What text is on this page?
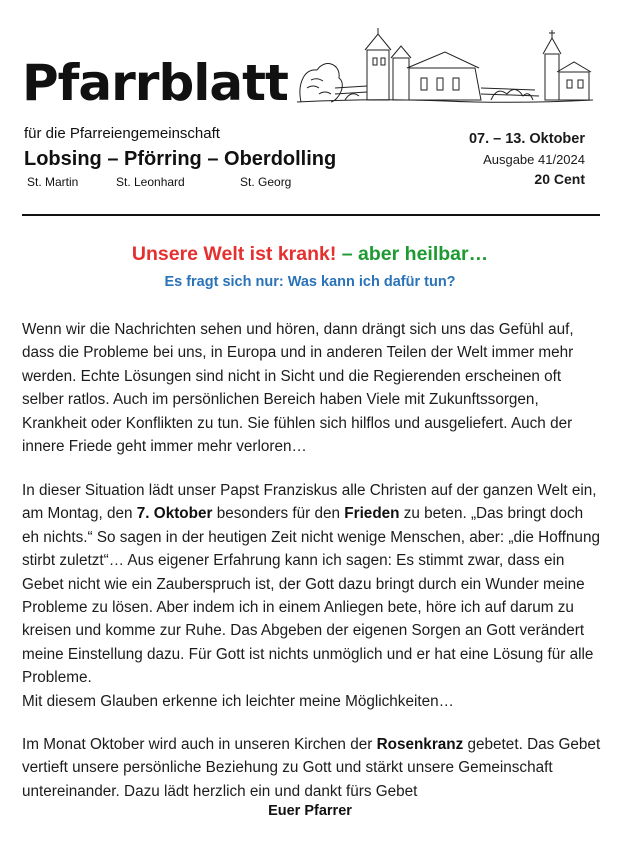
Pfarrblatt
für die Pfarreiengemeinschaft
Lobsing – Pförring – Oberdolling
St. Martin	St. Leonhard	St. Georg
07. – 13. Oktober
Ausgabe 41/2024
20 Cent
Unsere Welt ist krank! – aber heilbar…
Es fragt sich nur: Was kann ich dafür tun?

Wenn wir die Nachrichten sehen und hören, dann drängt sich uns das Gefühl auf, dass die Probleme bei uns, in Europa und in anderen Teilen der Welt immer mehr werden. Echte Lösungen sind nicht in Sicht und die Regierenden erscheinen oft selber ratlos. Auch im persönlichen Bereich haben Viele mit Zukunftssorgen, Krankheit oder Konflikten zu tun. Sie fühlen sich hilflos und ausgeliefert. Auch der innere Friede geht immer mehr verloren…

In dieser Situation lädt unser Papst Franziskus alle Christen auf der ganzen Welt ein, am Montag, den 7. Oktober besonders für den Frieden zu beten. „Das bringt doch eh nichts.“ So sagen in der heutigen Zeit nicht wenige Menschen, aber: „die Hoffnung stirbt zuletzt“… Aus eigener Erfahrung kann ich sagen: Es stimmt zwar, dass ein Gebet nicht wie ein Zauberspruch ist, der Gott dazu bringt durch ein Wunder meine Probleme zu lösen. Aber indem ich in einem Anliegen bete, höre ich auf darum zu kreisen und komme zur Ruhe. Das Abgeben der eigenen Sorgen an Gott verändert meine Einstellung dazu. Für Gott ist nichts unmöglich und er hat eine Lösung für alle Probleme.
Mit diesem Glauben erkenne ich leichter meine Möglichkeiten…

Im Monat Oktober wird auch in unseren Kirchen der Rosenkranz gebetet. Das Gebet vertieft unsere persönliche Beziehung zu Gott und stärkt unsere Gemeinschaft untereinander. Dazu lädt herzlich ein und dankt fürs Gebet

Euer Pfarrer
